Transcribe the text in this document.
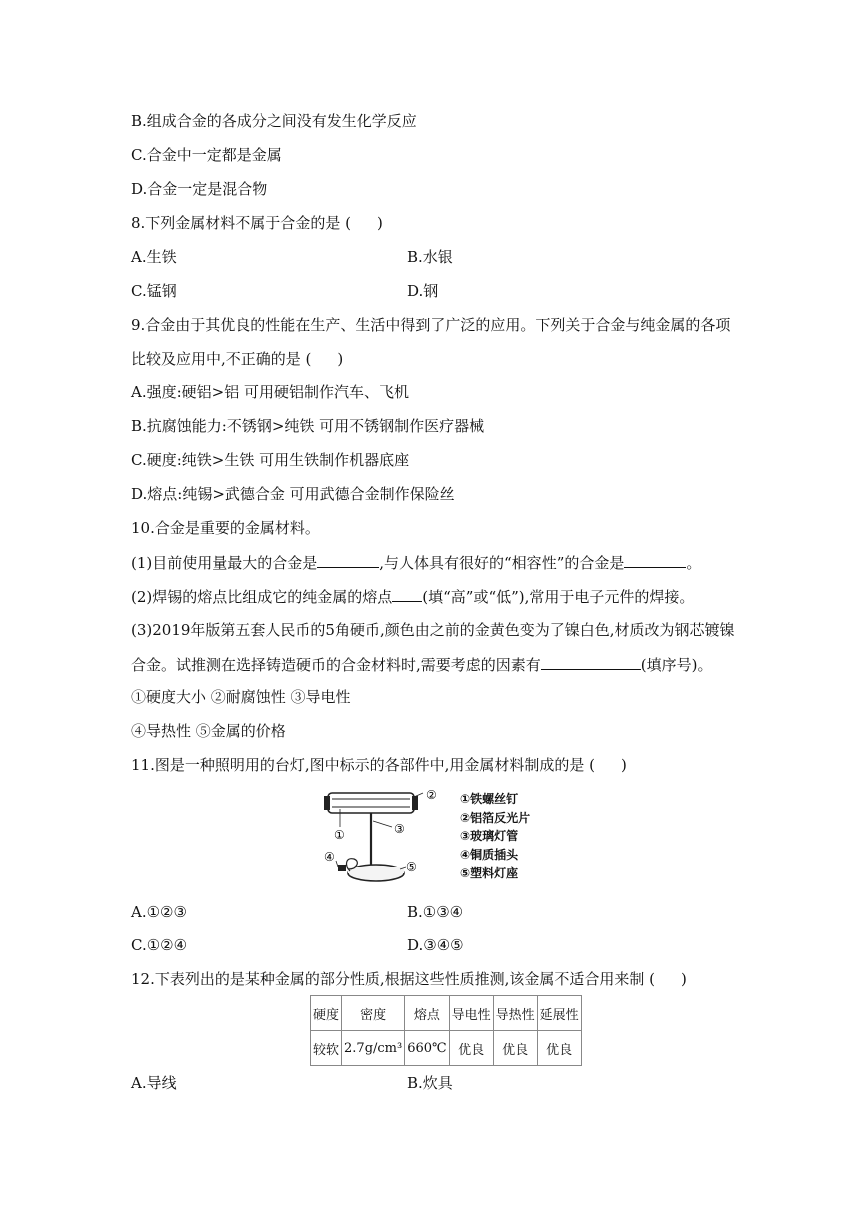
B.组成合金的各成分之间没有发生化学反应
C.合金中一定都是金属
D.合金一定是混合物
8.下列金属材料不属于合金的是 ( )
A.生铁	B.水银
C.锰钢	D.钢
9.合金由于其优良的性能在生产、生活中得到了广泛的应用。下列关于合金与纯金属的各项
比较及应用中,不正确的是 ( )
A.强度:硬铝>铝 可用硬铝制作汽车、飞机
B.抗腐蚀能力:不锈钢>纯铁 可用不锈钢制作医疗器械
C.硬度:纯铁>生铁 可用生铁制作机器底座
D.熔点:纯锡>武德合金 可用武德合金制作保险丝
10.合金是重要的金属材料。
(1)目前使用量最大的合金是	,与人体具有很好的“相容性”的合金是	。
(2)焊锡的熔点比组成它的纯金属的熔点 (填“高”或“低”),常用于电子元件的焊接。
(3)2019年版第五套人民币的5角硬币,颜色由之前的金黄色变为了镍白色,材质改为钢芯镀镍
合金。试推测在选择铸造硬币的合金材料时,需要考虑的因素有	(填序号)。
①硬度大小 ②耐腐蚀性 ③导电性
④导热性 ⑤金属的价格
11.图是一种照明用的台灯,图中标示的各部件中,用金属材料制成的是 ( )
②
①	③
④
⑤
①铁螺丝钉
②铝箔反光片
③玻璃灯管
④铜质插头
⑤塑料灯座
A.①②③	B.①③④
C.①②④	D.③④⑤
12.下表列出的是某种金属的部分性质,根据这些性质推测,该金属不适合用来制 ( )
硬度	密度	熔点	导电性	导热性	延展性
较软	2.7g/cm³	660℃	优良	优良	优良
A.导线	B.炊具
